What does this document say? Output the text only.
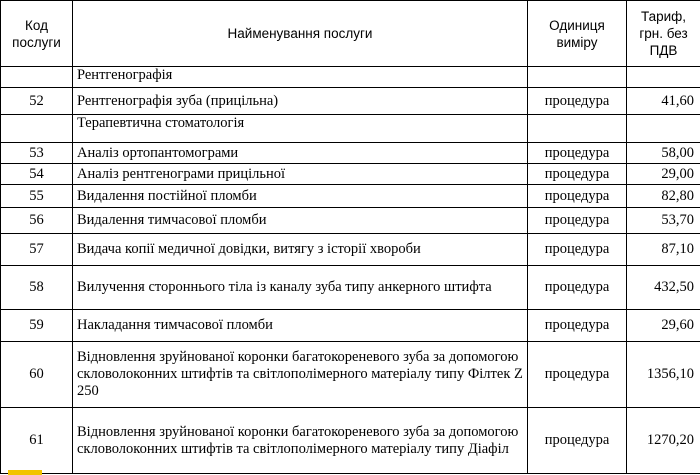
Код послуги	Найменування послуги	Одиниця виміру	Тариф, грн. без ПДВ
	Рентгенографія		
52	Рентгенографія зуба (прицільна)	процедура	41,60
	Терапевтична стоматологія		
53	Аналіз ортопантомограми	процедура	58,00
54	Аналіз рентгенограми прицільної	процедура	29,00
55	Видалення постійної пломби	процедура	82,80
56	Видалення тимчасової пломби	процедура	53,70
57	Видача копії медичної довідки, витягу з історії хвороби	процедура	87,10
58	Вилучення стороннього тіла із каналу зуба типу анкерного штифта	процедура	432,50
59	Накладання тимчасової пломби	процедура	29,60
60	Відновлення зруйнованої коронки багатокореневого зуба за допомогою скловолоконних штифтів та світлополімерного матеріалу типу Філтек Z 250	процедура	1356,10
61	Відновлення зруйнованої коронки багатокореневого зуба за допомогою скловолоконних штифтів та світлополімерного матеріалу типу Діафіл	процедура	1270,20
